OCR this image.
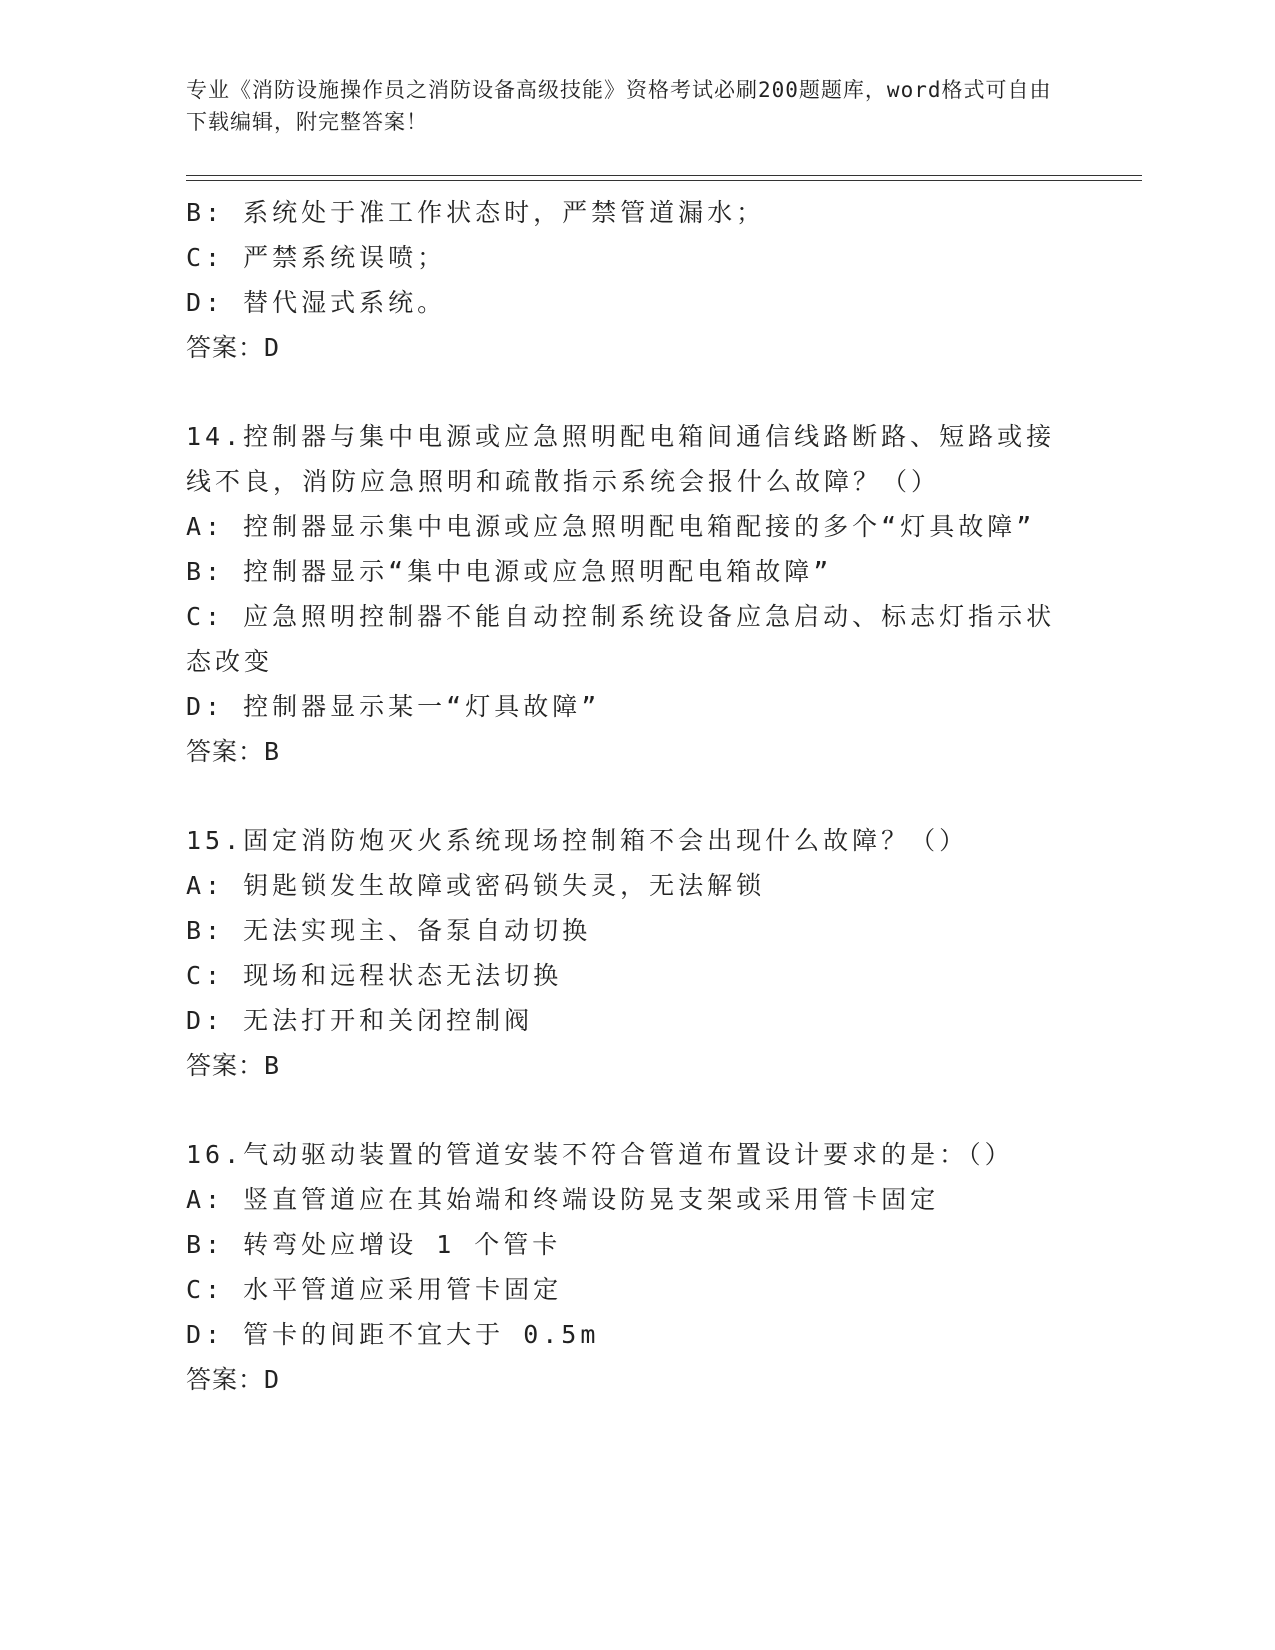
专业《消防设施操作员之消防设备高级技能》资格考试必刷200题题库，word格式可自由下载编辑，附完整答案！
B: 系统处于准工作状态时，严禁管道漏水；
C: 严禁系统误喷；
D: 替代湿式系统。
答案：D
14.控制器与集中电源或应急照明配电箱间通信线路断路、短路或接线不良，消防应急照明和疏散指示系统会报什么故障？（）
A: 控制器显示集中电源或应急照明配电箱配接的多个“灯具故障”
B: 控制器显示“集中电源或应急照明配电箱故障”
C: 应急照明控制器不能自动控制系统设备应急启动、标志灯指示状态改变
D: 控制器显示某一“灯具故障”
答案：B
15.固定消防炮灭火系统现场控制箱不会出现什么故障？（）
A: 钥匙锁发生故障或密码锁失灵，无法解锁
B: 无法实现主、备泵自动切换
C: 现场和远程状态无法切换
D: 无法打开和关闭控制阀
答案：B
16.气动驱动装置的管道安装不符合管道布置设计要求的是：（）
A: 竖直管道应在其始端和终端设防晃支架或采用管卡固定
B: 转弯处应增设 1 个管卡
C: 水平管道应采用管卡固定
D: 管卡的间距不宜大于 0.5m
答案：D
